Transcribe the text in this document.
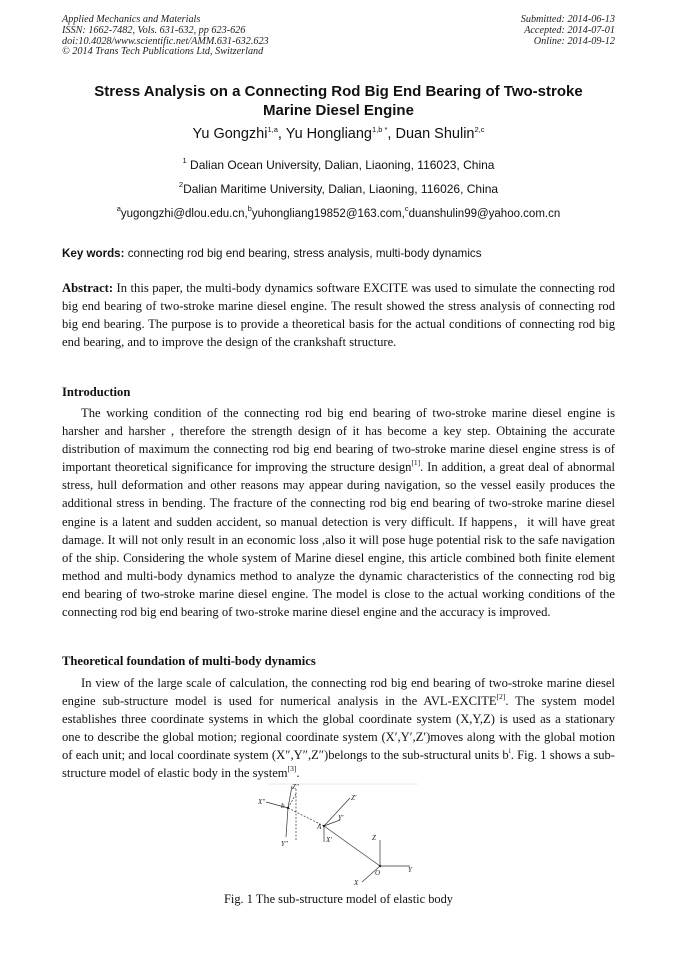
Applied Mechanics and Materials
ISSN: 1662-7482, Vols. 631-632, pp 623-626
doi:10.4028/www.scientific.net/AMM.631-632.623
© 2014 Trans Tech Publications Ltd, Switzerland
Submitted: 2014-06-13
Accepted: 2014-07-01
Online: 2014-09-12
Stress Analysis on a Connecting Rod Big End Bearing of Two-stroke
Marine Diesel Engine
Yu Gongzhi$^{1,a}$, Yu Hongliang$^{1,b *}$, Duan Shulin$^{2,c}$
$^1$ Dalian Ocean University, Dalian, Liaoning, 116023, China
$^2$Dalian Maritime University, Dalian, Liaoning, 116026, China
$^a$yugongzhi@dlou.edu.cn,$^b$yuhongliang19852@163.com,$^c$duanshulin99@yahoo.com.cn
Key words: connecting rod big end bearing, stress analysis, multi-body dynamics
Abstract: In this paper, the multi-body dynamics software EXCITE was used to simulate the connecting rod big end bearing of two-stroke marine diesel engine. The result showed the stress analysis of connecting rod big end bearing. The purpose is to provide a theoretical basis for the actual conditions of connecting rod big end bearing, and to improve the design of the crankshaft structure.
Introduction
The working condition of the connecting rod big end bearing of two-stroke marine diesel engine is harsher and harsher , therefore the strength design of it has become a key step. Obtaining the accurate distribution of maximum the connecting rod big end bearing of two-stroke marine diesel engine stress is of important theoretical significance for improving the structure design[1]. In addition, a great deal of abnormal stress, hull deformation and other reasons may appear during navigation, so the vessel easily produces the additional stress in bending. The fracture of the connecting rod big end bearing of two-stroke marine diesel engine is a latent and sudden accident, so manual detection is very difficult. If happens，it will have great damage. It will not only result in an economic loss ,also it will pose huge potential risk to the safe navigation of the ship. Considering the whole system of Marine diesel engine, this article combined both finite element method and multi-body dynamics method to analyze the dynamic characteristics of the connecting rod big end bearing of two-stroke marine diesel engine. The model is close to the actual working conditions of the connecting rod big end bearing of two-stroke marine diesel engine and the accuracy is improved.
Theoretical foundation of multi-body dynamics
In view of the large scale of calculation, the connecting rod big end bearing of two-stroke marine diesel engine sub-structure model is used for numerical analysis in the AVL-EXCITE[2]. The system model establishes three coordinate systems in which the global coordinate system (X,Y,Z) is used as a stationary one to describe the global motion; regional coordinate system (X′,Y′,Z′)moves along with the global motion of each unit; and local coordinate system (X″,Y″,Z″)belongs to the sub-structural units $b^i$. Fig. 1 shows a sub-structure model of elastic body in the system[3].
X″
Z″
Y″
b
Z′
Y′
X′
A
Z
Y
X
O
Fig. 1 The sub-structure model of elastic body
